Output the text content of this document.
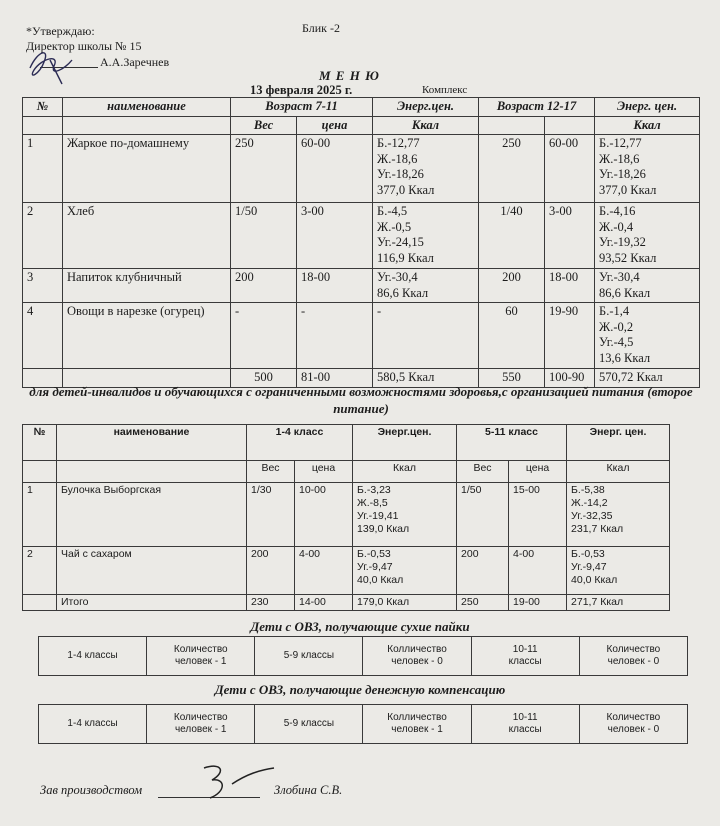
*Утверждаю:
Директор школы № 15
А.А.Заречнев
Блик -2
М Е Н Ю
13 февраля 2025 г.	Комплекс
№	наименование	Возраст 7-11		Энерг.цен.	Возраст 12-17		Энерг. цен.
		Вес	цена	Ккал			Ккал
1	Жаркое по-домашнему	250	60-00	Б.-12,77
Ж.-18,6
Уг.-18,26
377,0 Ккал	250	60-00	Б.-12,77
Ж.-18,6
Уг.-18,26
377,0 Ккал
2	Хлеб	1/50	3-00	Б.-4,5
Ж.-0,5
Уг.-24,15
116,9 Ккал	1/40	3-00	Б.-4,16
Ж.-0,4
Уг.-19,32
93,52 Ккал
3	Напиток клубничный	200	18-00	Уг.-30,4
86,6 Ккал	200	18-00	Уг.-30,4
86,6 Ккал
4	Овощи в нарезке (огурец)	-	-	-	60	19-90	Б.-1,4
Ж.-0,2
Уг.-4,5
13,6 Ккал
		500	81-00	580,5 Ккал	550	100-90	570,72 Ккал
для детей-инвалидов и обучающихся с ограниченными возможностями здоровья,с организацией питания (второе питание)
№	наименование	1-4 класс		Энерг.цен.	5-11 класс		Энерг. цен.
		Вес	цена	Ккал	Вес	цена	Ккал
1	Булочка Выборгская	1/30	10-00	Б.-3,23
Ж.-8,5
Уг.-19,41
139,0 Ккал	1/50	15-00	Б.-5,38
Ж.-14,2
Уг.-32,35
231,7 Ккал
2	Чай с сахаром	200	4-00	Б.-0,53
Уг.-9,47
40,0 Ккал	200	4-00	Б.-0,53
Уг.-9,47
40,0 Ккал
	Итого	230	14-00	179,0 Ккал	250	19-00	271,7 Ккал
Дети с ОВЗ, получающие сухие пайки
1-4 классы	Количество
человек - 1	5-9 классы	Колличество
человек - 0	10-11
классы	Количество
человек - 0
Дети с ОВЗ, получающие денежную компенсацию
1-4 классы	Количество
человек - 1	5-9 классы	Колличество
человек - 1	10-11
классы	Количество
человек - 0
Зав производством	Злобина С.В.
